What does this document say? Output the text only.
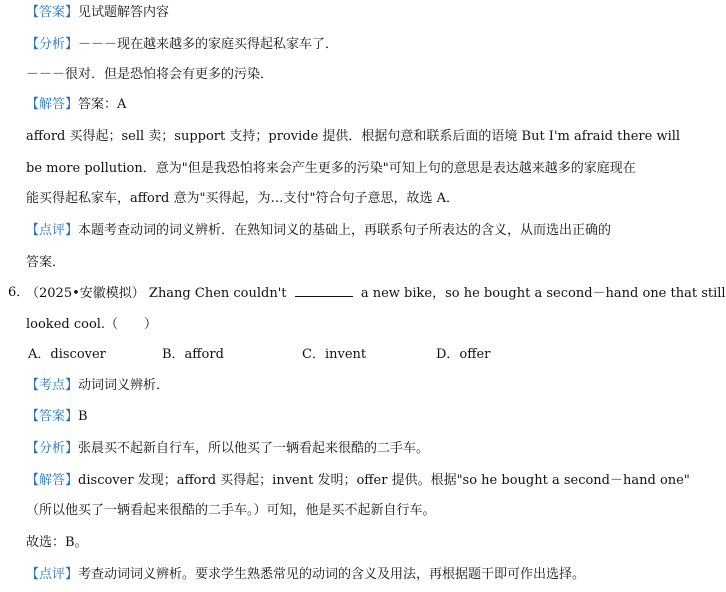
【答案】见试题解答内容
【分析】－－－现在越来越多的家庭买得起私家车了．
－－－很对．但是恐怕将会有更多的污染．
【解答】答案：A
afford 买得起；sell 卖；support 支持；provide 提供．根据句意和联系后面的语境 But I'm afraid there will
be more pollution．意为"但是我恐怕将来会产生更多的污染"可知上句的意思是表达越来越多的家庭现在
能买得起私家车，afford 意为"买得起，为…支付"符合句子意思，故选 A．
【点评】本题考查动词的词义辨析．在熟知词义的基础上，再联系句子所表达的含义，从而选出正确的
答案．
6．
（2025•安徽模拟） Zhang Chen couldn't	a new bike，so he bought a second－hand one that still
looked cool.（　　）
A．discover	B．afford	C．invent	D．offer
【考点】动词词义辨析．
【答案】B
【分析】张晨买不起新自行车，所以他买了一辆看起来很酷的二手车。
【解答】discover 发现；afford 买得起；invent 发明；offer 提供。根据"so he bought a second－hand one"
（所以他买了一辆看起来很酷的二手车。）可知，他是买不起新自行车。
故选：B。
【点评】考查动词词义辨析。要求学生熟悉常见的动词的含义及用法，再根据题干即可作出选择。
